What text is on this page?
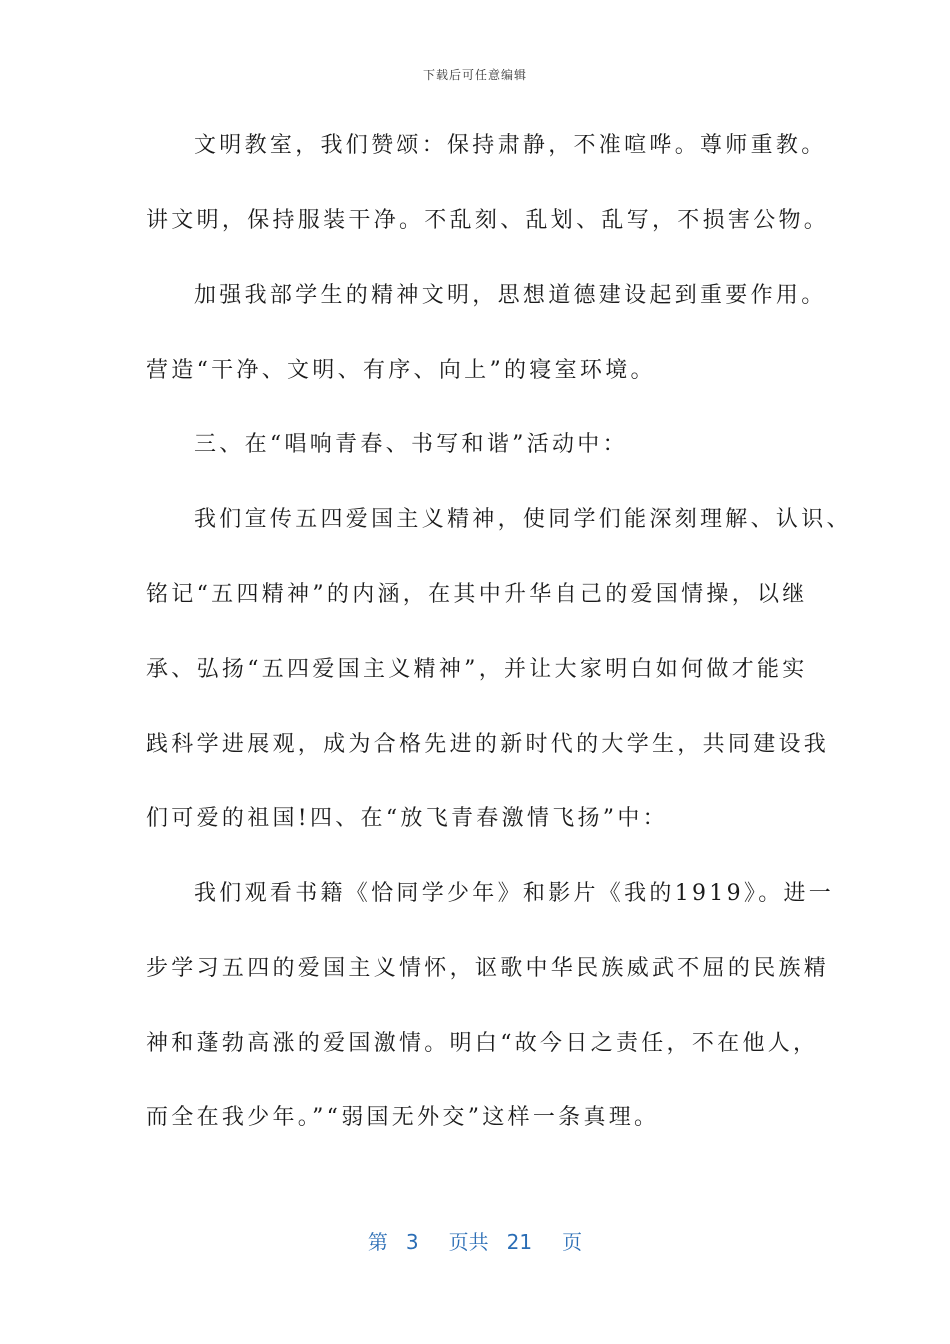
下载后可任意编辑
文明教室，我们赞颂：保持肃静，不准喧哗。尊师重教。
讲文明，保持服装干净。不乱刻、乱划、乱写，不损害公物。
加强我部学生的精神文明，思想道德建设起到重要作用。
营造“干净、文明、有序、向上”的寝室环境。
三、在“唱响青春、书写和谐”活动中：
我们宣传五四爱国主义精神，使同学们能深刻理解、认识、
铭记“五四精神”的内涵，在其中升华自己的爱国情操，以继
承、弘扬“五四爱国主义精神”，并让大家明白如何做才能实
践科学进展观，成为合格先进的新时代的大学生，共同建设我
们可爱的祖国!四、在“放飞青春激情飞扬”中：
我们观看书籍《恰同学少年》和影片《我的1919》。进一
步学习五四的爱国主义情怀，讴歌中华民族威武不屈的民族精
神和蓬勃高涨的爱国激情。明白“故今日之责任，不在他人，
而全在我少年。”“弱国无外交”这样一条真理。
第 3 页共 21 页
